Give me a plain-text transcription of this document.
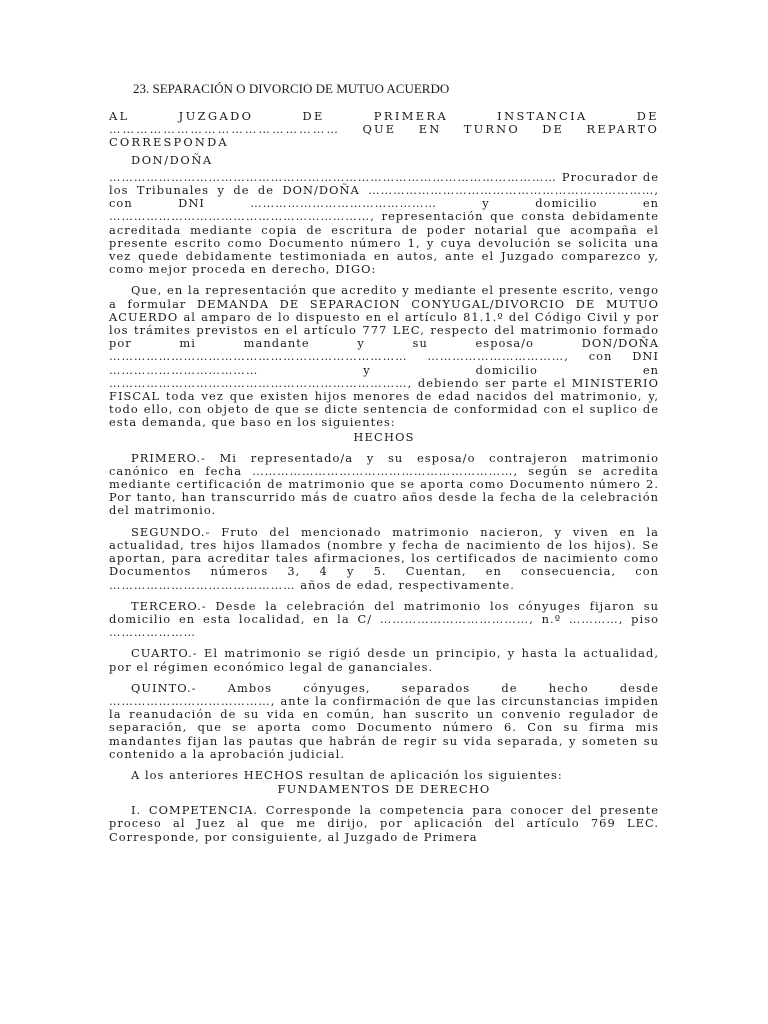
23. SEPARACIÓN O DIVORCIO DE MUTUO ACUERDO

AL JUZGADO DE PRIMERA INSTANCIA DE

…………………………………………… QUE EN TURNO DE REPARTO CORRESPONDA

DON/DOÑA

……………………………………………………………………………………………… Procurador de los Tribunales y de de DON/DOÑA ……………………………………………………………, con DNI ……………………………………… y domicilio en ………………………………………………………, representación que consta debidamente acreditada mediante copia de escritura de poder notarial que acompaña el presente escrito como Documento número 1, y cuya devolución se solicita una vez quede debidamente testimoniada en autos, ante el Juzgado comparezco y, como mejor proceda en derecho, DIGO:

Que, en la representación que acredito y mediante el presente escrito, vengo a formular DEMANDA DE SEPARACION CONYUGAL/DIVORCIO DE MUTUO ACUERDO al amparo de lo dispuesto en el artículo 81.1.º del Código Civil y por los trámites previstos en el artículo 777 LEC, respecto del matrimonio formado por mi mandante y su esposa/o DON/DOÑA ……………………………………………………………… ……………………………, con DNI ……………………………… y domicilio en ………………………………………………………………, debiendo ser parte el MINISTERIO FISCAL toda vez que existen hijos menores de edad nacidos del matrimonio, y, todo ello, con objeto de que se dicte sentencia de conformidad con el suplico de esta demanda, que baso en los siguientes:

HECHOS

PRIMERO.- Mi representado/a y su esposa/o contrajeron matrimonio canónico en fecha ………………………………………………………, según se acredita mediante certificación de matrimonio que se aporta como Documento número 2. Por tanto, han transcurrido más de cuatro años desde la fecha de la celebración del matrimonio.

SEGUNDO.- Fruto del mencionado matrimonio nacieron, y viven en la actualidad, tres hijos llamados (nombre y fecha de nacimiento de los hijos). Se aportan, para acreditar tales afirmaciones, los certificados de nacimiento como Documentos números 3, 4 y 5. Cuentan, en consecuencia, con ……………………………………… años de edad, respectivamente.

TERCERO.- Desde la celebración del matrimonio los cónyuges fijaron su domicilio en esta localidad, en la C/ ………………………………, n.º …………, piso …………………

CUARTO.- El matrimonio se rigió desde un principio, y hasta la actualidad, por el régimen económico legal de gananciales.

QUINTO.- Ambos cónyuges, separados de hecho desde …………………………………, ante la confirmación de que las circunstancias impiden la reanudación de su vida en común, han suscrito un convenio regulador de separación, que se aporta como Documento número 6. Con su firma mis mandantes fijan las pautas que habrán de regir su vida separada, y someten su contenido a la aprobación judicial.

A los anteriores HECHOS resultan de aplicación los siguientes:

FUNDAMENTOS DE DERECHO

I. COMPETENCIA. Corresponde la competencia para conocer del presente proceso al Juez al que me dirijo, por aplicación del artículo 769 LEC. Corresponde, por consiguiente, al Juzgado de Primera
